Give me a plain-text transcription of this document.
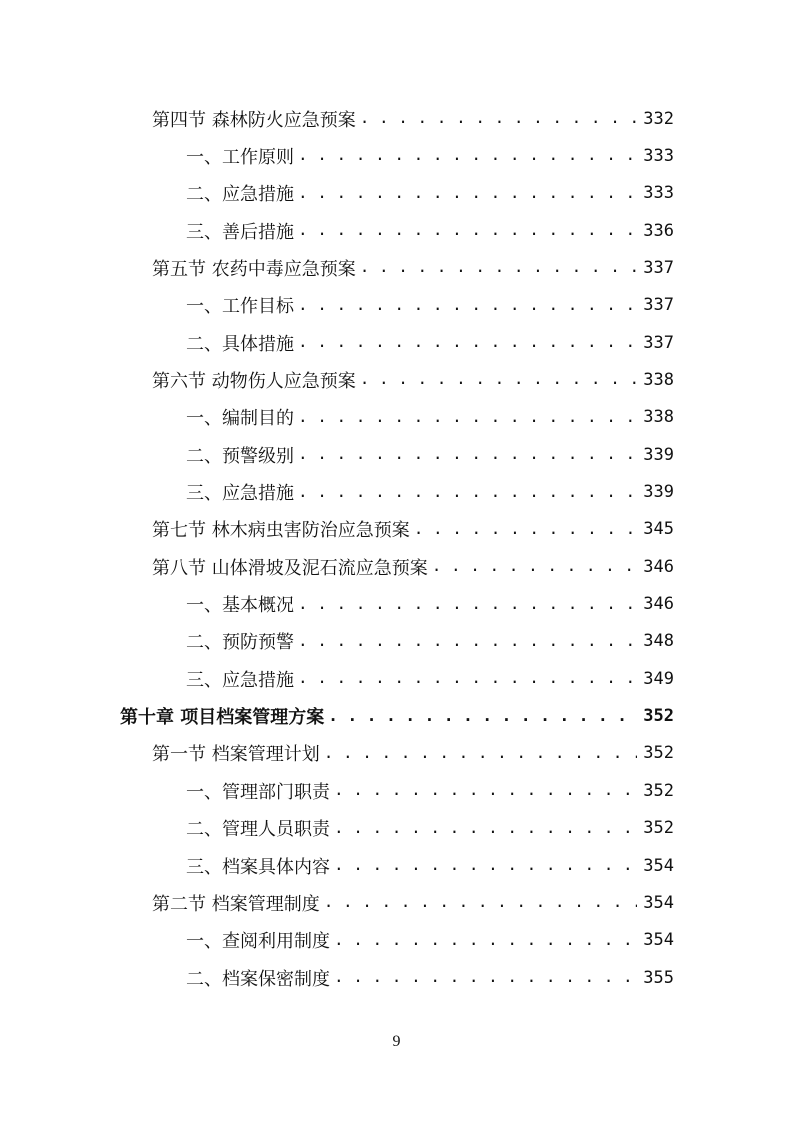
第四节 森林防火应急预案 . . .	332
一、工作原则 . . .	333
二、应急措施 . . .	333
三、善后措施 . . .	336
第五节 农药中毒应急预案 . . .	337
一、工作目标 . . .	337
二、具体措施 . . .	337
第六节 动物伤人应急预案 . . .	338
一、编制目的 . . .	338
二、预警级别 . . .	339
三、应急措施 . . .	339
第七节 林木病虫害防治应急预案 . . .	345
第八节 山体滑坡及泥石流应急预案 . . .	346
一、基本概况 . . .	346
二、预防预警 . . .	348
三、应急措施 . . .	349
第十章 项目档案管理方案 . . .	352
第一节 档案管理计划 . . .	352
一、管理部门职责 . . .	352
二、管理人员职责 . . .	352
三、档案具体内容 . . .	354
第二节 档案管理制度 . . .	354
一、查阅利用制度 . . .	354
二、档案保密制度 . . .	355
9
